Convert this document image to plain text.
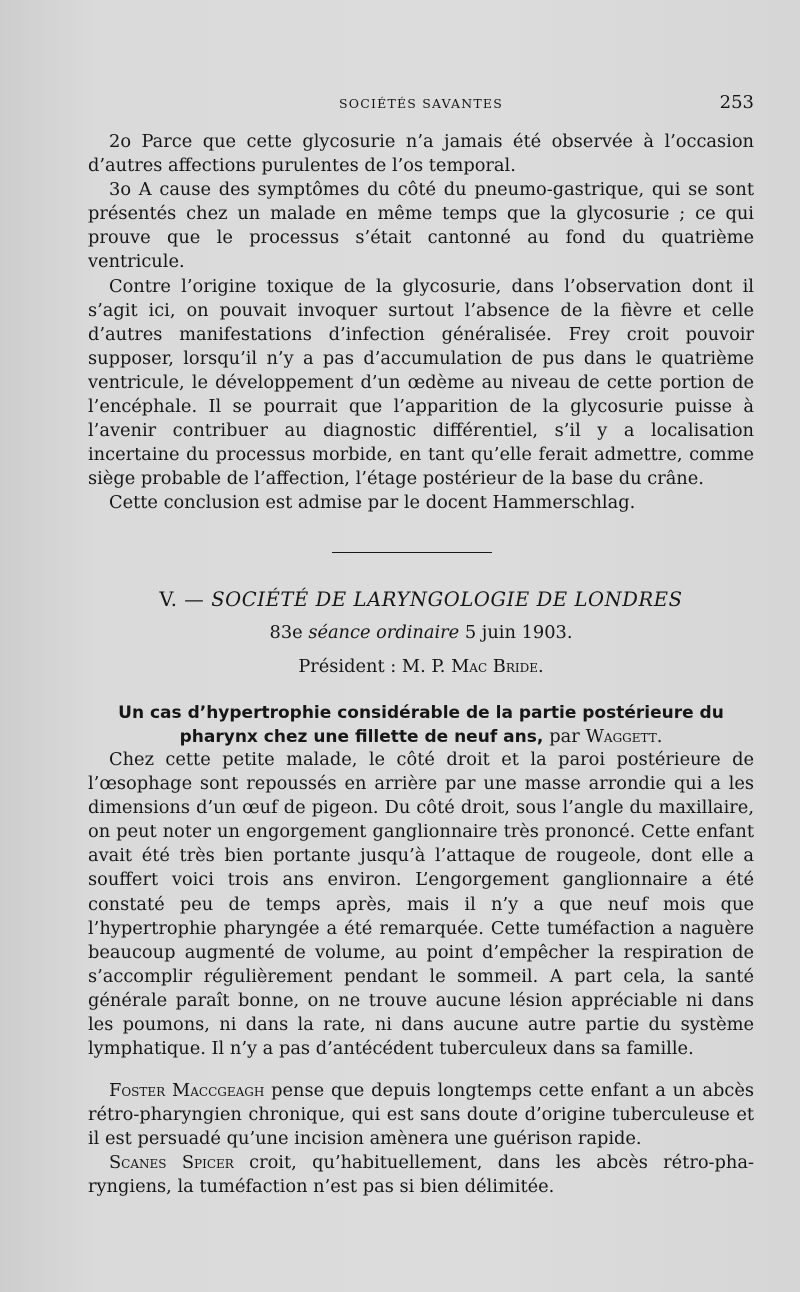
SOCIÉTÉS SAVANTES	253

2o Parce que cette glycosurie n’a jamais été observée à l’occasion d’autres affections purulentes de l’os temporal.

3o A cause des symptômes du côté du pneumo-gastrique, qui se sont présentés chez un malade en même temps que la glycosurie ; ce qui prouve que le processus s’était cantonné au fond du quatrième ventricule.

Contre l’origine toxique de la glycosurie, dans l’observation dont il s’agit ici, on pouvait invoquer surtout l’absence de la fièvre et celle d’autres manifestations d’infection généralisée. Frey croit pouvoir supposer, lorsqu’il n’y a pas d’accumulation de pus dans le quatrième ventricule, le développement d’un œdème au niveau de cette portion de l’encéphale. Il se pourrait que l’apparition de la glycosurie puisse à l’avenir contribuer au diagnostic différentiel, s’il y a localisation incertaine du processus morbide, en tant qu’elle ferait admettre, comme siège probable de l’affection, l’étage postérieur de la base du crâne.

Cette conclusion est admise par le docent Hammerschlag.

V. — SOCIÉTÉ DE LARYNGOLOGIE DE LONDRES
83e séance ordinaire 5 juin 1903.
Président : M. P. Mac Bride.
Un cas d’hypertrophie considérable de la partie postérieure du pharynx chez une fillette de neuf ans, par Waggett.

Chez cette petite malade, le côté droit et la paroi postérieure de l’œsophage sont repoussés en arrière par une masse arrondie qui a les dimensions d’un œuf de pigeon. Du côté droit, sous l’angle du maxillaire, on peut noter un engorgement ganglionnaire très prononcé. Cette enfant avait été très bien portante jusqu’à l’attaque de rougeole, dont elle a souffert voici trois ans environ. L’engorgement ganglionnaire a été constaté peu de temps après, mais il n’y a que neuf mois que l’hypertrophie pharyngée a été remarquée. Cette tuméfaction a naguère beaucoup augmenté de volume, au point d’empêcher la respiration de s’accomplir régulièrement pendant le sommeil. A part cela, la santé générale paraît bonne, on ne trouve aucune lésion appréciable ni dans les poumons, ni dans la rate, ni dans aucune autre partie du système lymphatique. Il n’y a pas d’antécédent tuberculeux dans sa famille.

Foster Maccgeagh pense que depuis longtemps cette enfant a un abcès rétro-pharyngien chronique, qui est sans doute d’origine tuberculeuse et il est persuadé qu’une incision amènera une guérison rapide.

Scanes Spicer croit, qu’habituellement, dans les abcès rétro-pharyngiens, la tuméfaction n’est pas si bien délimitée.
